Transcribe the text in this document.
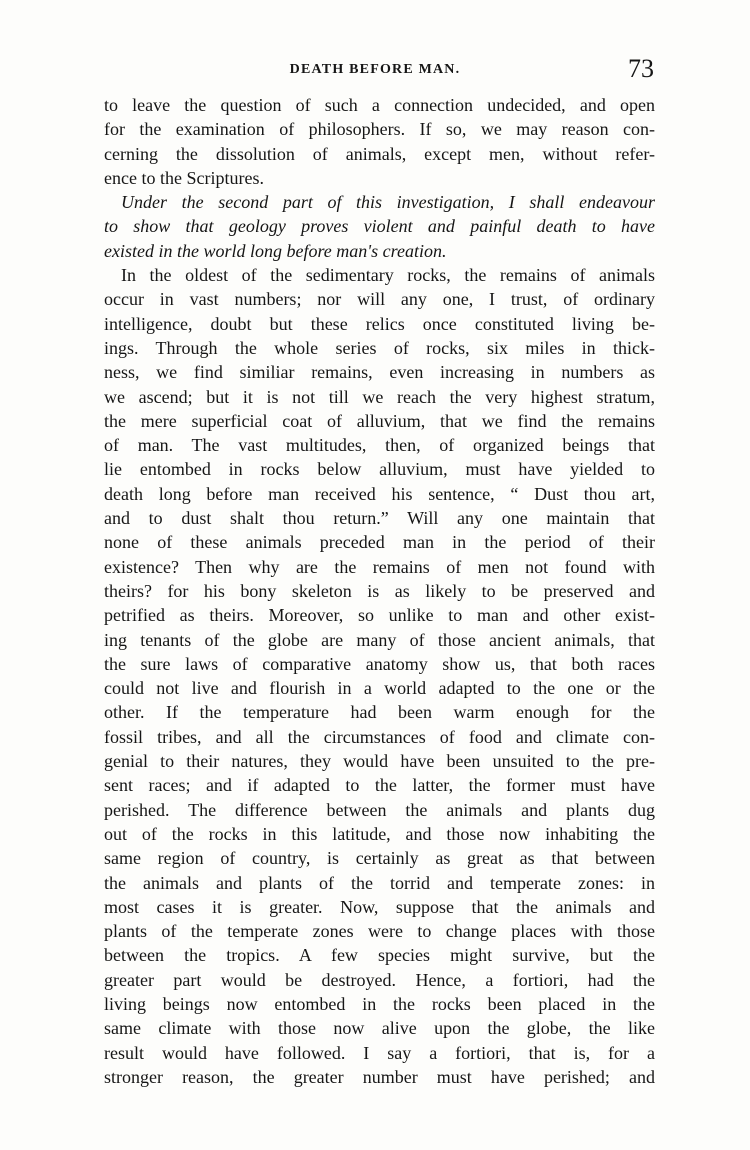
DEATH BEFORE MAN.	73
to leave the question of such a connection undecided, and open
for the examination of philosophers. If so, we may reason con-
cerning the dissolution of animals, except men, without refer-
ence to the Scriptures.
Under the second part of this investigation, I shall endeavour
to show that geology proves violent and painful death to have
existed in the world long before man's creation.
In the oldest of the sedimentary rocks, the remains of animals
occur in vast numbers; nor will any one, I trust, of ordinary
intelligence, doubt but these relics once constituted living be-
ings. Through the whole series of rocks, six miles in thick-
ness, we find similiar remains, even increasing in numbers as
we ascend; but it is not till we reach the very highest stratum,
the mere superficial coat of alluvium, that we find the remains
of man. The vast multitudes, then, of organized beings that
lie entombed in rocks below alluvium, must have yielded to
death long before man received his sentence, “ Dust thou art,
and to dust shalt thou return.” Will any one maintain that
none of these animals preceded man in the period of their
existence? Then why are the remains of men not found with
theirs? for his bony skeleton is as likely to be preserved and
petrified as theirs. Moreover, so unlike to man and other exist-
ing tenants of the globe are many of those ancient animals, that
the sure laws of comparative anatomy show us, that both races
could not live and flourish in a world adapted to the one or the
other. If the temperature had been warm enough for the
fossil tribes, and all the circumstances of food and climate con-
genial to their natures, they would have been unsuited to the pre-
sent races; and if adapted to the latter, the former must have
perished. The difference between the animals and plants dug
out of the rocks in this latitude, and those now inhabiting the
same region of country, is certainly as great as that between
the animals and plants of the torrid and temperate zones: in
most cases it is greater. Now, suppose that the animals and
plants of the temperate zones were to change places with those
between the tropics. A few species might survive, but the
greater part would be destroyed. Hence, a fortiori, had the
living beings now entombed in the rocks been placed in the
same climate with those now alive upon the globe, the like
result would have followed. I say a fortiori, that is, for a
stronger reason, the greater number must have perished; and
